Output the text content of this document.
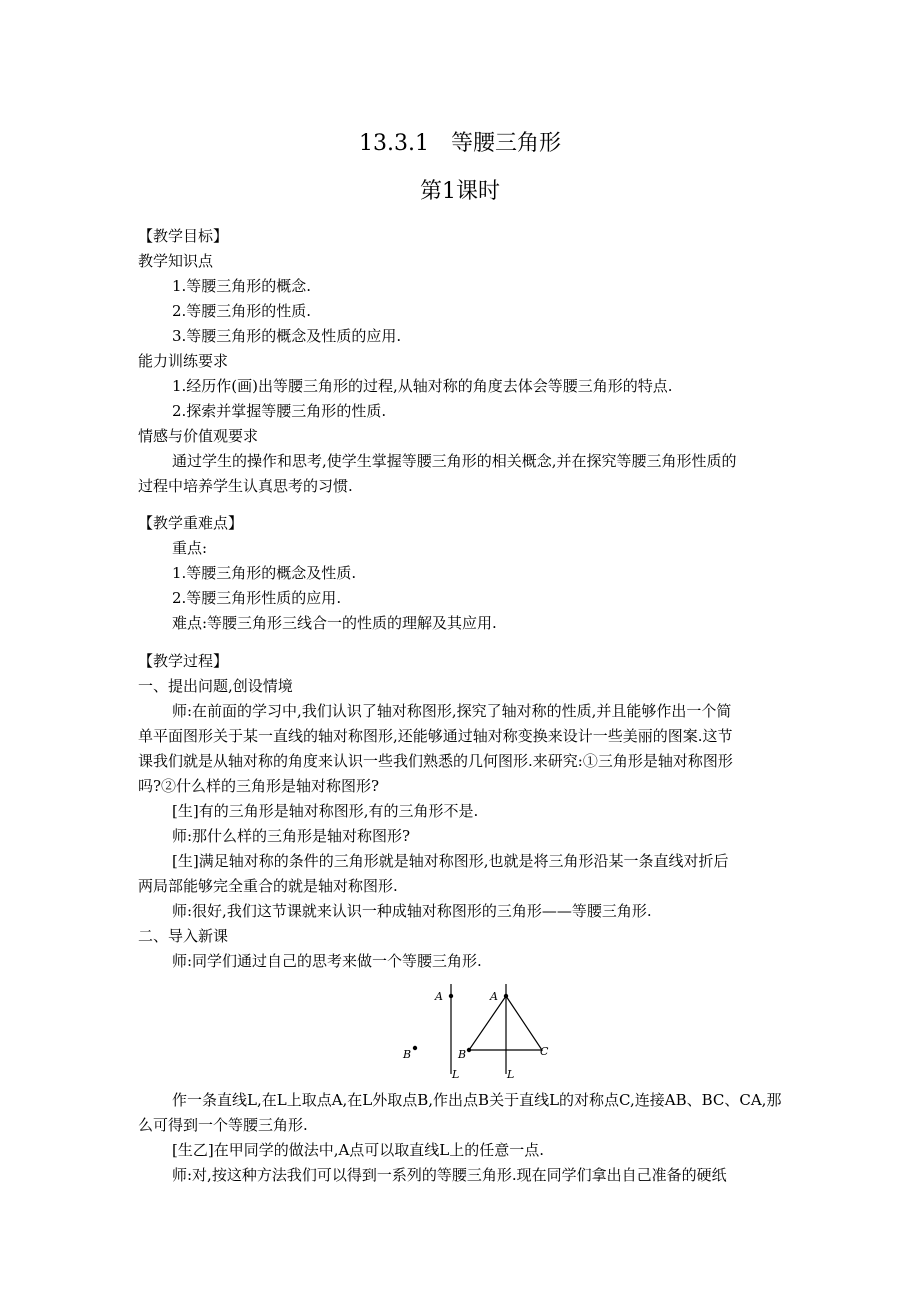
13.3.1　等腰三角形
第1课时
【教学目标】
教学知识点
1.等腰三角形的概念.
2.等腰三角形的性质.
3.等腰三角形的概念及性质的应用.
能力训练要求
1.经历作(画)出等腰三角形的过程,从轴对称的角度去体会等腰三角形的特点.
2.探索并掌握等腰三角形的性质.
情感与价值观要求
通过学生的操作和思考,使学生掌握等腰三角形的相关概念,并在探究等腰三角形性质的
过程中培养学生认真思考的习惯.
【教学重难点】
重点:
1.等腰三角形的概念及性质.
2.等腰三角形性质的应用.
难点:等腰三角形三线合一的性质的理解及其应用.
【教学过程】
一、提出问题,创设情境
师:在前面的学习中,我们认识了轴对称图形,探究了轴对称的性质,并且能够作出一个简
单平面图形关于某一直线的轴对称图形,还能够通过轴对称变换来设计一些美丽的图案.这节
课我们就是从轴对称的角度来认识一些我们熟悉的几何图形.来研究:①三角形是轴对称图形
吗?②什么样的三角形是轴对称图形?
[生]有的三角形是轴对称图形,有的三角形不是.
师:那什么样的三角形是轴对称图形?
[生]满足轴对称的条件的三角形就是轴对称图形,也就是将三角形沿某一条直线对折后
两局部能够完全重合的就是轴对称图形.
师:很好,我们这节课就来认识一种成轴对称图形的三角形——等腰三角形.
二、导入新课
师:同学们通过自己的思考来做一个等腰三角形.
A
B
L
A
B	C
L
作一条直线L,在L上取点A,在L外取点B,作出点B关于直线L的对称点C,连接AB、BC、CA,那
么可得到一个等腰三角形.
[生乙]在甲同学的做法中,A点可以取直线L上的任意一点.
师:对,按这种方法我们可以得到一系列的等腰三角形.现在同学们拿出自己准备的硬纸
